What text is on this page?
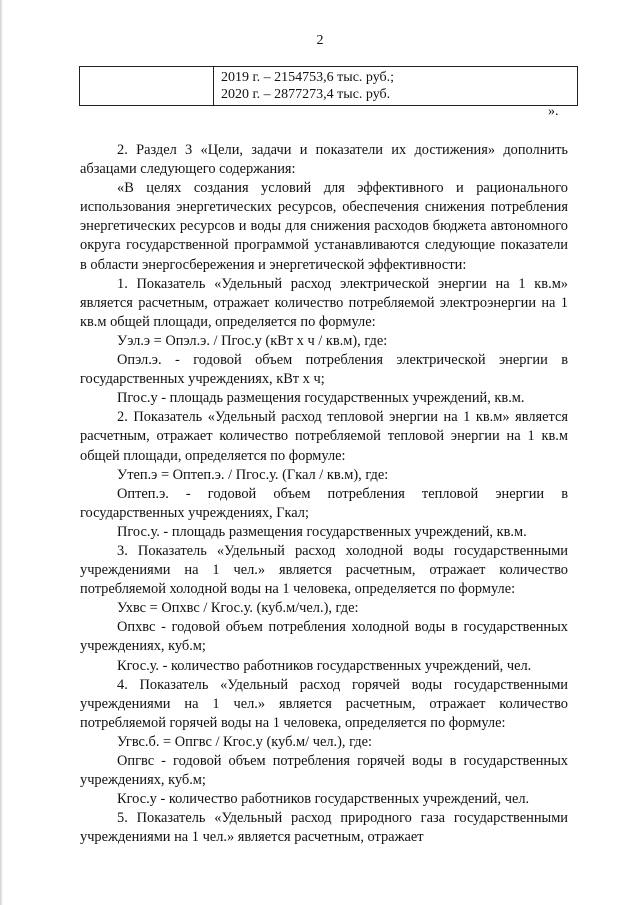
2
2019 г. – 2154753,6 тыс. руб.;
2020 г. – 2877273,4 тыс. руб.
».

2. Раздел 3 «Цели, задачи и показатели их достижения» дополнить абзацами следующего содержания:

«В целях создания условий для эффективного и рационального использования энергетических ресурсов, обеспечения снижения потребления энергетических ресурсов и воды для снижения расходов бюджета автономного округа государственной программой устанавливаются следующие показатели в области энергосбережения и энергетической эффективности:

1. Показатель «Удельный расход электрической энергии на 1 кв.м» является расчетным, отражает количество потребляемой электроэнергии на 1 кв.м общей площади, определяется по формуле:

Уэл.э = Опэл.э. / Пгос.у (кВт х ч / кв.м), где:

Опэл.э. - годовой объем потребления электрической энергии в государственных учреждениях, кВт х ч;

Пгос.у - площадь размещения государственных учреждений, кв.м.

2. Показатель «Удельный расход тепловой энергии на 1 кв.м» является расчетным, отражает количество потребляемой тепловой энергии на 1 кв.м общей площади, определяется по формуле:

Утеп.э = Оптеп.э. / Пгос.у. (Гкал / кв.м), где:

Оптеп.э. - годовой объем потребления тепловой энергии в государственных учреждениях, Гкал;

Пгос.у. - площадь размещения государственных учреждений, кв.м.

3. Показатель «Удельный расход холодной воды государственными учреждениями на 1 чел.» является расчетным, отражает количество потребляемой холодной воды на 1 человека, определяется по формуле:

Ухвс = Опхвс / Кгос.у. (куб.м/чел.), где:

Опхвс - годовой объем потребления холодной воды в государственных учреждениях, куб.м;

Кгос.у. - количество работников государственных учреждений, чел.

4. Показатель «Удельный расход горячей воды государственными учреждениями на 1 чел.» является расчетным, отражает количество потребляемой горячей воды на 1 человека, определяется по формуле:

Угвс.б. = Опгвс / Кгос.у (куб.м/ чел.), где:

Опгвс - годовой объем потребления горячей воды в государственных учреждениях, куб.м;

Кгос.у - количество работников государственных учреждений, чел.

5. Показатель «Удельный расход природного газа государственными учреждениями на 1 чел.» является расчетным, отражает
